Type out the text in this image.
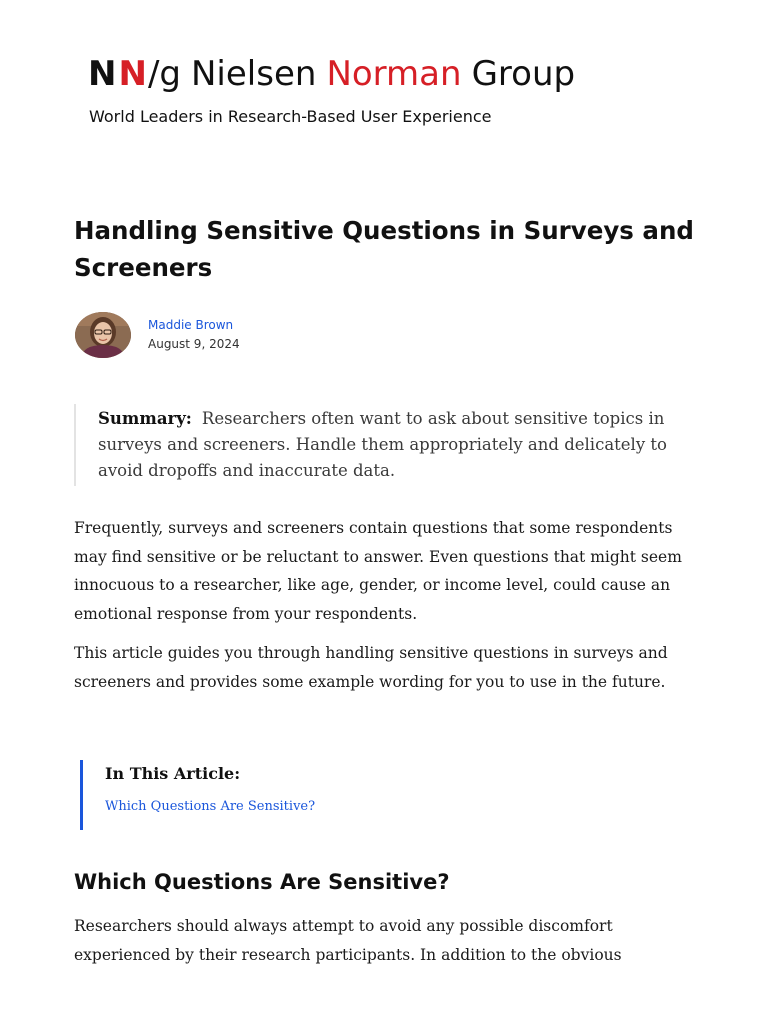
N N / g Nielsen Norman Group
World Leaders in Research-Based User Experience
Handling Sensitive Questions in Surveys and Screeners
Maddie Brown
August 9, 2024

Summary: Researchers often want to ask about sensitive topics in surveys and screeners. Handle them appropriately and delicately to avoid dropoffs and inaccurate data.

Frequently, surveys and screeners contain questions that some respondents may find sensitive or be reluctant to answer. Even questions that might seem innocuous to a researcher, like age, gender, or income level, could cause an emotional response from your respondents.

This article guides you through handling sensitive questions in surveys and screeners and provides some example wording for you to use in the future.

In This Article:
Which Questions Are Sensitive?
Which Questions Are Sensitive?

Researchers should always attempt to avoid any possible discomfort experienced by their research participants. In addition to the obvious
